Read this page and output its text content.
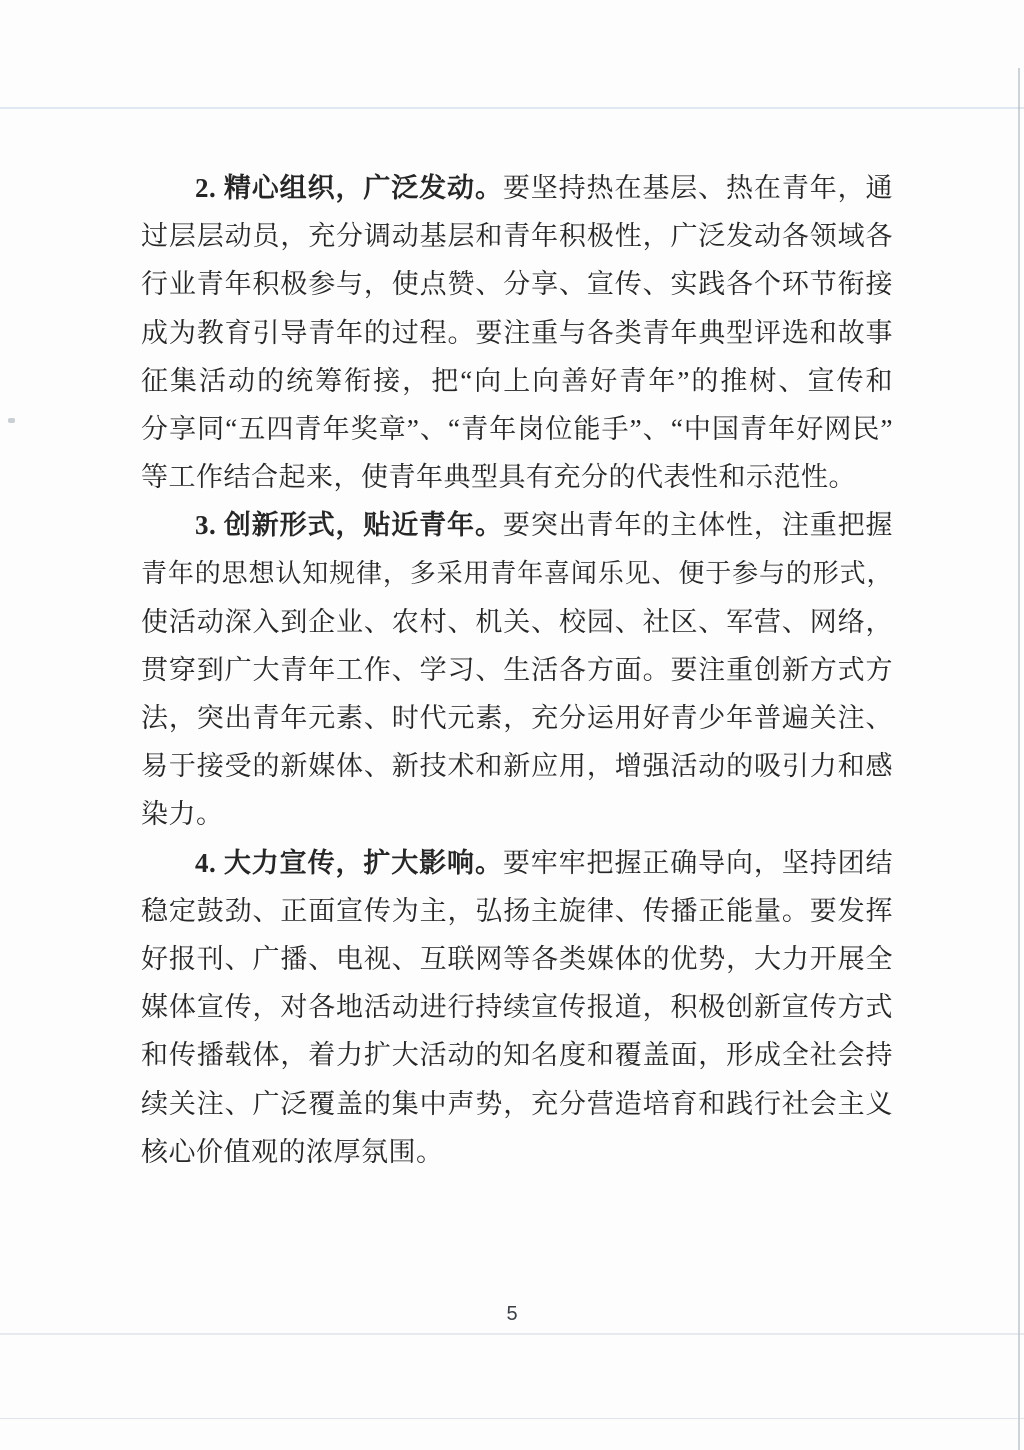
2. 精心组织，广泛发动。要坚持热在基层、热在青年，通
过层层动员，充分调动基层和青年积极性，广泛发动各领域各
行业青年积极参与，使点赞、分享、宣传、实践各个环节衔接
成为教育引导青年的过程。要注重与各类青年典型评选和故事
征集活动的统筹衔接，把“向上向善好青年”的推树、宣传和
分享同“五四青年奖章”、“青年岗位能手”、“中国青年好网民”
等工作结合起来，使青年典型具有充分的代表性和示范性。
3. 创新形式，贴近青年。要突出青年的主体性，注重把握
青年的思想认知规律，多采用青年喜闻乐见、便于参与的形式，
使活动深入到企业、农村、机关、校园、社区、军营、网络，
贯穿到广大青年工作、学习、生活各方面。要注重创新方式方
法，突出青年元素、时代元素，充分运用好青少年普遍关注、
易于接受的新媒体、新技术和新应用，增强活动的吸引力和感
染力。
4. 大力宣传，扩大影响。要牢牢把握正确导向，坚持团结
稳定鼓劲、正面宣传为主，弘扬主旋律、传播正能量。要发挥
好报刊、广播、电视、互联网等各类媒体的优势，大力开展全
媒体宣传，对各地活动进行持续宣传报道，积极创新宣传方式
和传播载体，着力扩大活动的知名度和覆盖面，形成全社会持
续关注、广泛覆盖的集中声势，充分营造培育和践行社会主义
核心价值观的浓厚氛围。
5
